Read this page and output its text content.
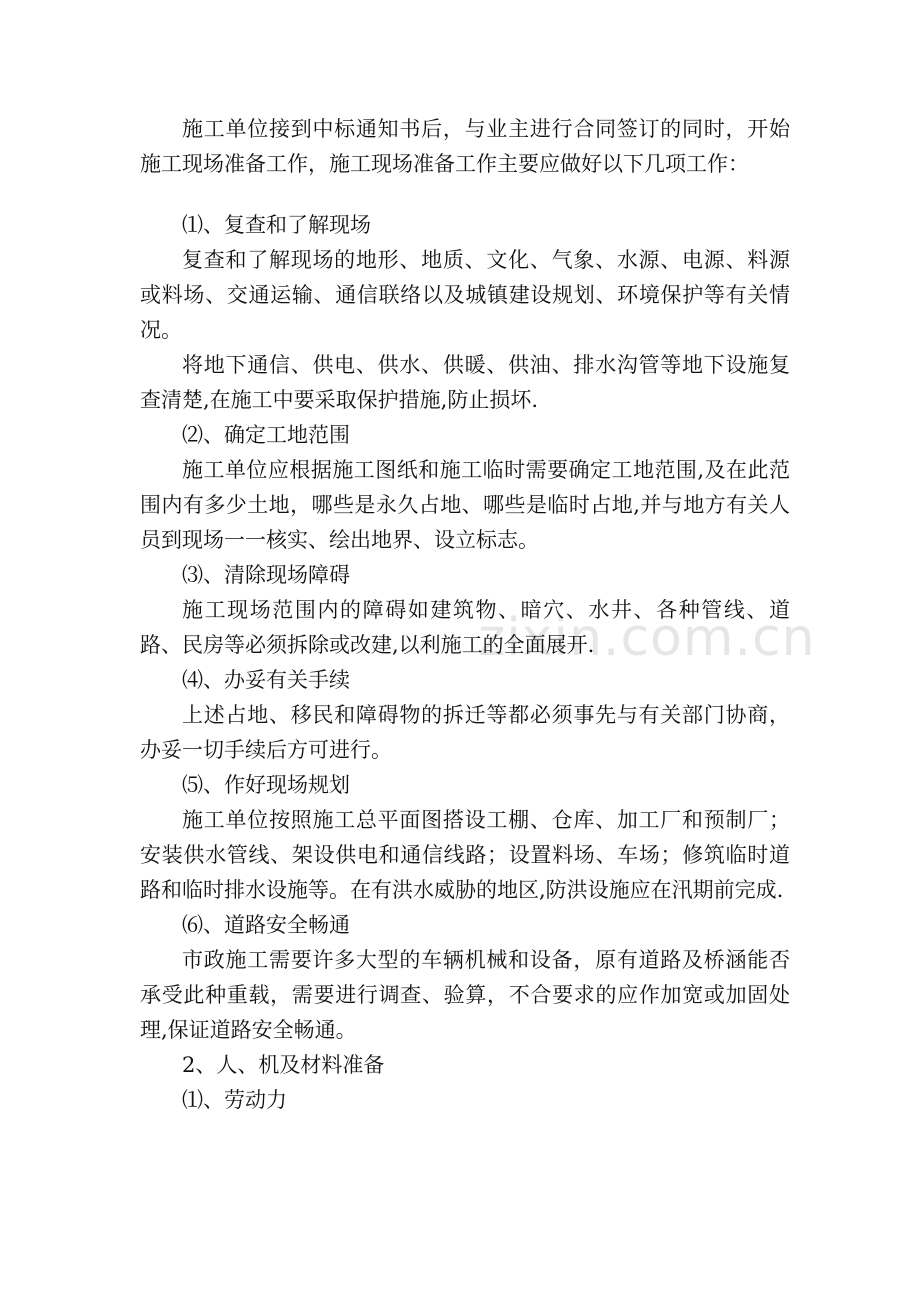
zixin.com.cn

施工单位接到中标通知书后，与业主进行合同签订的同时，开始施工现场准备工作，施工现场准备工作主要应做好以下几项工作：

⑴、复查和了解现场

复查和了解现场的地形、地质、文化、气象、水源、电源、料源或料场、交通运输、通信联络以及城镇建设规划、环境保护等有关情况。

将地下通信、供电、供水、供暖、供油、排水沟管等地下设施复查清楚,在施工中要采取保护措施,防止损坏.

⑵、确定工地范围

施工单位应根据施工图纸和施工临时需要确定工地范围,及在此范围内有多少土地，哪些是永久占地、哪些是临时占地,并与地方有关人员到现场一一核实、绘出地界、设立标志。

⑶、清除现场障碍

施工现场范围内的障碍如建筑物、暗穴、水井、各种管线、道路、民房等必须拆除或改建,以利施工的全面展开.

⑷、办妥有关手续

上述占地、移民和障碍物的拆迁等都必须事先与有关部门协商，办妥一切手续后方可进行。

⑸、作好现场规划

施工单位按照施工总平面图搭设工棚、仓库、加工厂和预制厂；安装供水管线、架设供电和通信线路；设置料场、车场；修筑临时道路和临时排水设施等。在有洪水威胁的地区,防洪设施应在汛期前完成.

⑹、道路安全畅通

市政施工需要许多大型的车辆机械和设备，原有道路及桥涵能否承受此种重载，需要进行调查、验算，不合要求的应作加宽或加固处理,保证道路安全畅通。

2、人、机及材料准备

⑴、劳动力
